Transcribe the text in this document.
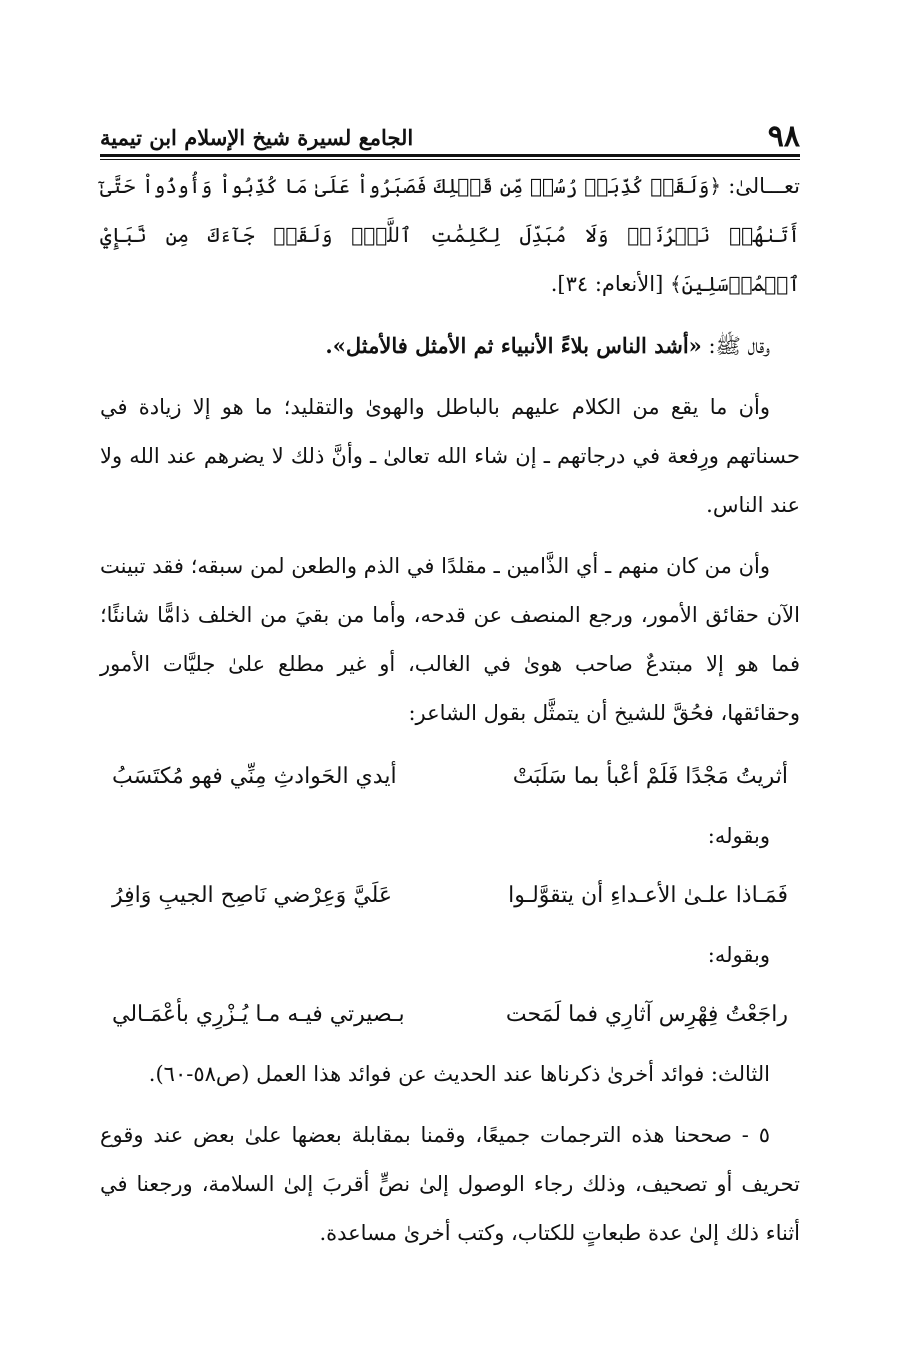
٩٨
الجامع لسيرة شيخ الإسلام ابن تيمية

تعـــالىٰ: ﴿وَلَقَدۡ كُذِّبَتۡ رُسُلٞ مِّن قَبۡلِكَ فَصَبَرُواْ عَلَىٰ مَا كُذِّبُواْ وَأُوذُواْ حَتَّىٰٓ أَتَىٰهُمۡ نَصۡرُنَاۚ وَلَا مُبَدِّلَ لِكَلِمَٰتِ ٱللَّهِۚ وَلَقَدۡ جَآءَكَ مِن نَّبَإِيْ ٱلۡمُرۡسَلِينَ﴾ [الأنعام: ٣٤].

وقال ﷺ: «أشد الناس بلاءً الأنبياء ثم الأمثل فالأمثل».

وأن ما يقع من الكلام عليهم بالباطل والهوىٰ والتقليد؛ ما هو إلا زيادة في حسناتهم ورِفعة في درجاتهم ـ إن شاء الله تعالىٰ ـ وأنَّ ذلك لا يضرهم عند الله ولا عند الناس.

وأن من كان منهم ـ أي الذَّامين ـ مقلدًا في الذم والطعن لمن سبقه؛ فقد تبينت الآن حقائق الأمور، ورجع المنصف عن قدحه، وأما من بقيَ من الخلف ذامًّا شانئًا؛ فما هو إلا مبتدعٌ صاحب هوىٰ في الغالب، أو غير مطلع علىٰ جليَّات الأمور وحقائقها، فحُقَّ للشيخ أن يتمثَّل بقول الشاعر:

أثريتُ مَجْدًا فَلَمْ أعْبأ بما سَلَبَتْ
أيدي الحَوادثِ مِنِّي فهو مُكتَسَبُ
وبقوله:
فَمَـاذا علـىٰ الأعـداءِ أن يتقوَّلـوا
عَلَيَّ وَعِرْضي نَاصِح الجيبِ وَافِرُ
وبقوله:
راجَعْتُ فِهْرِس آثارِي فما لَمَحت
بـصيرتي فيـه مـا يُـزْرِي بأعْمَـالي

الثالث: فوائد أخرىٰ ذكرناها عند الحديث عن فوائد هذا العمل (ص٥٨-٦٠).

٥ - صححنا هذه الترجمات جميعًا، وقمنا بمقابلة بعضها علىٰ بعض عند وقوع تحريف أو تصحيف، وذلك رجاء الوصول إلىٰ نصٍّ أقربَ إلىٰ السلامة، ورجعنا في أثناء ذلك إلىٰ عدة طبعاتٍ للكتاب، وكتب أخرىٰ مساعدة.
